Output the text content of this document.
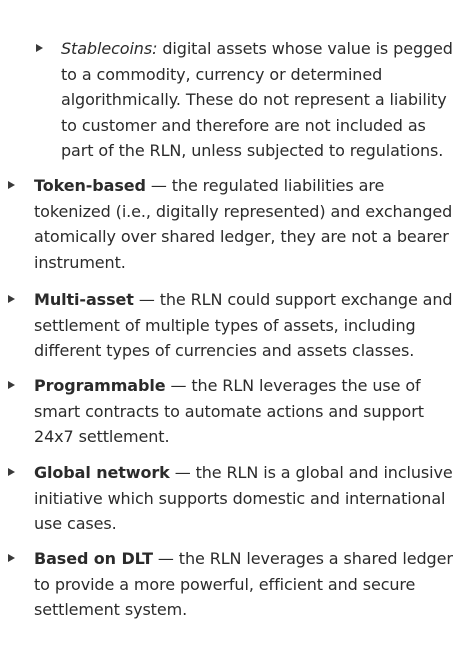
Stablecoins: digital assets whose value is pegged to a commodity, currency or determined algorithmically. These do not represent a liability to customer and therefore are not included as part of the RLN, unless subjected to regulations.
Token-based — the regulated liabilities are tokenized (i.e., digitally represented) and exchanged atomically over shared ledger, they are not a bearer instrument.
Multi-asset — the RLN could support exchange and settlement of multiple types of assets, including different types of currencies and assets classes.
Programmable — the RLN leverages the use of smart contracts to automate actions and support 24x7 settlement.
Global network — the RLN is a global and inclusive initiative which supports domestic and international use cases.
Based on DLT — the RLN leverages a shared ledger to provide a more powerful, efficient and secure settlement system.
